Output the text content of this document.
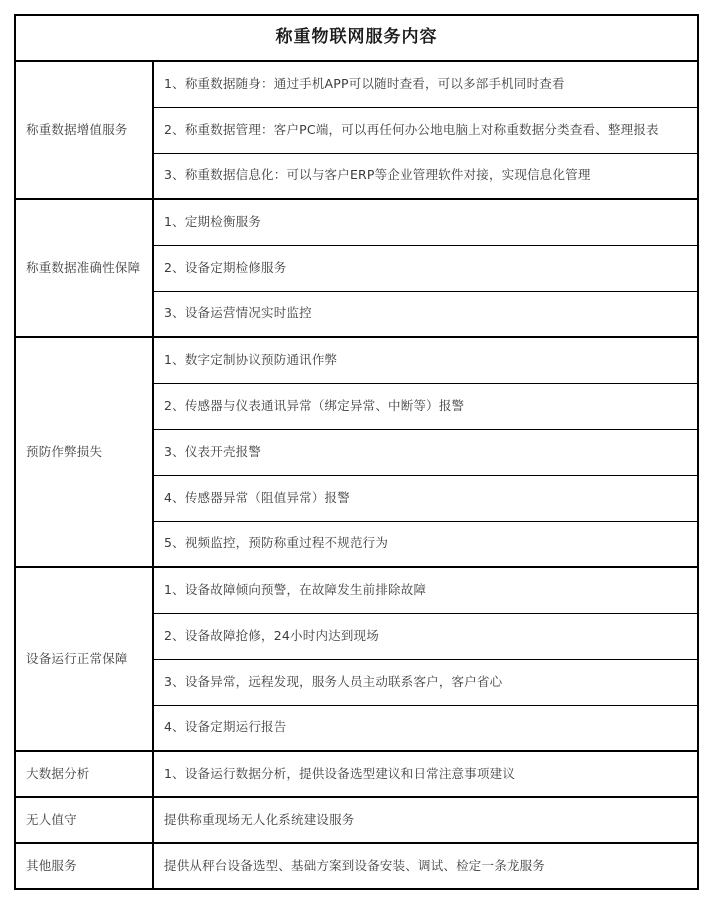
称重物联网服务内容	
称重数据增值服务	1、称重数据随身：通过手机APP可以随时查看，可以多部手机同时查看

	2、称重数据管理：客户PC端，可以再任何办公地电脑上对称重数据分类查看、整理报表

	3、称重数据信息化：可以与客户ERP等企业管理软件对接，实现信息化管理

称重数据准确性保障	1、定期检衡服务

	2、设备定期检修服务

	3、设备运营情况实时监控

预防作弊损失	1、数字定制协议预防通讯作弊

	2、传感器与仪表通讯异常（绑定异常、中断等）报警

	3、仪表开壳报警

	4、传感器异常（阻值异常）报警

	5、视频监控，预防称重过程不规范行为

设备运行正常保障	1、设备故障倾向预警，在故障发生前排除故障

	2、设备故障抢修，24小时内达到现场

	3、设备异常，远程发现，服务人员主动联系客户，客户省心

	4、设备定期运行报告

大数据分析	1、设备运行数据分析，提供设备选型建议和日常注意事项建议

无人值守	提供称重现场无人化系统建设服务

其他服务	提供从秤台设备选型、基础方案到设备安装、调试、检定一条龙服务
